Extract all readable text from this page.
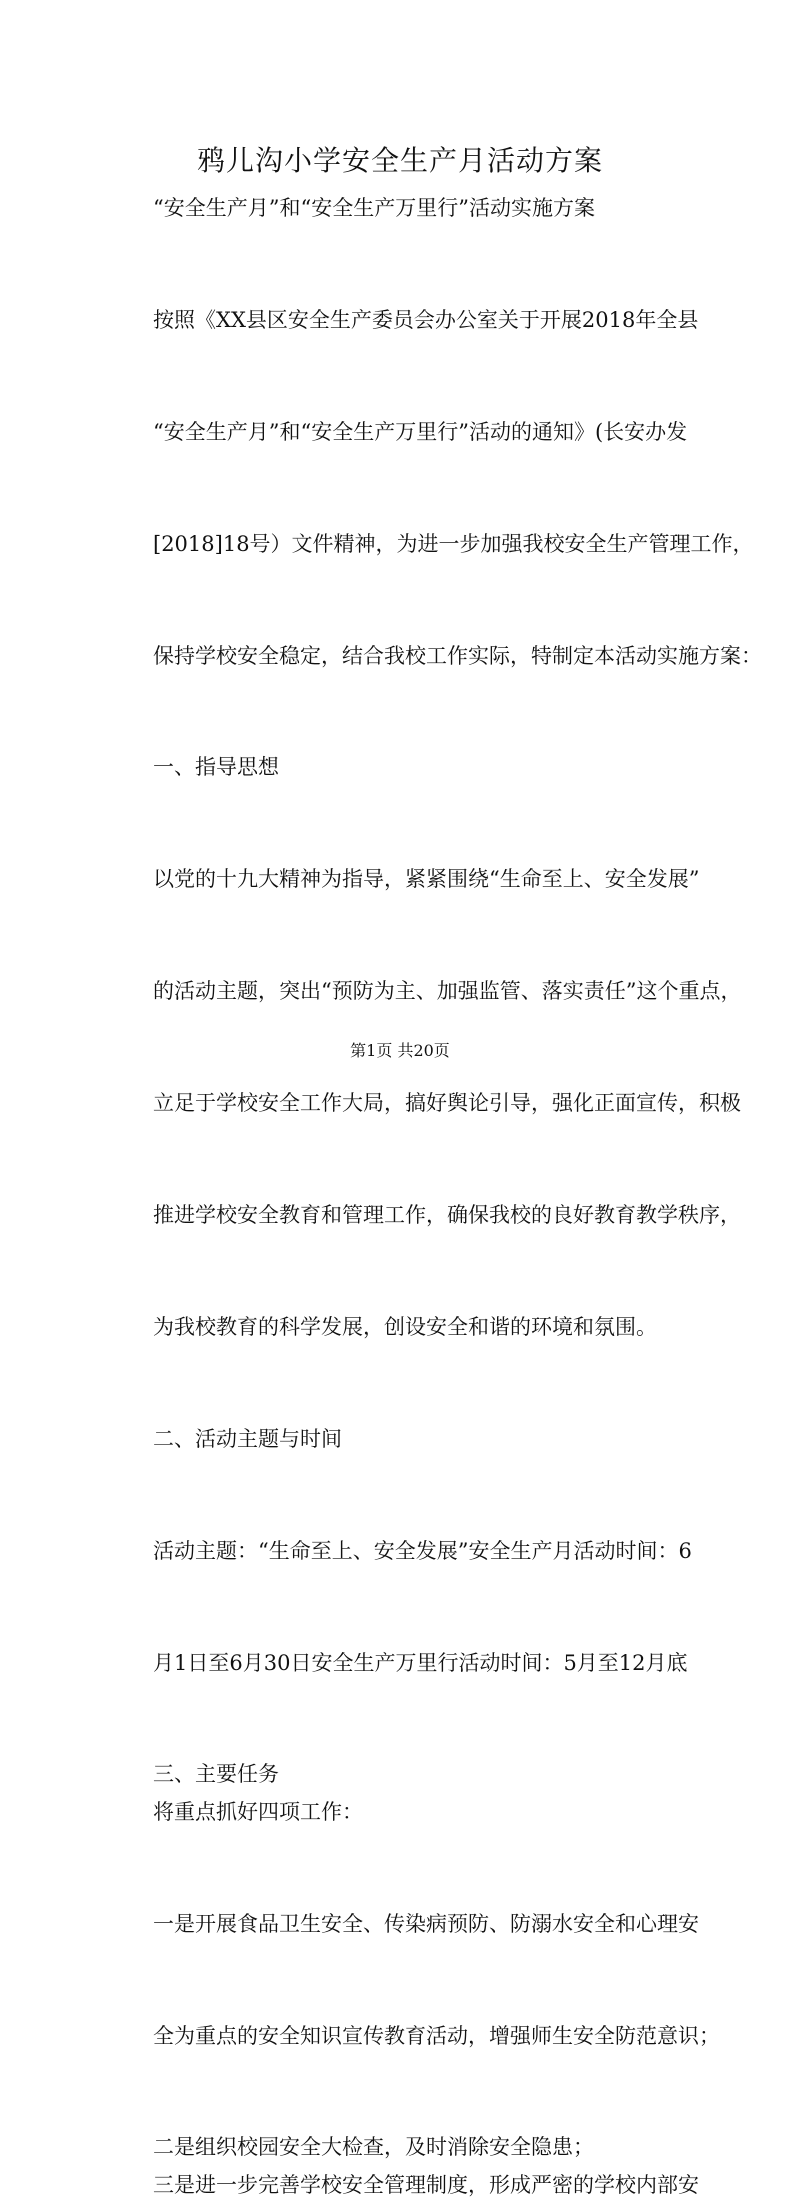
鸦儿沟小学安全生产月活动方案

“安全生产月”和“安全生产万里行”活动实施方案

按照《XX县区安全生产委员会办公室关于开展2018年全县

“安全生产月”和“安全生产万里行”活动的通知》(长安办发

[2018]18号）文件精神，为进一步加强我校安全生产管理工作，

保持学校安全稳定，结合我校工作实际，特制定本活动实施方案：

一、指导思想

以党的十九大精神为指导，紧紧围绕“生命至上、安全发展”

的活动主题，突出“预防为主、加强监管、落实责任”这个重点，

立足于学校安全工作大局，搞好舆论引导，强化正面宣传，积极

推进学校安全教育和管理工作，确保我校的良好教育教学秩序，

为我校教育的科学发展，创设安全和谐的环境和氛围。

二、活动主题与时间

活动主题：“生命至上、安全发展”安全生产月活动时间：6

月1日至6月30日安全生产万里行活动时间：5月至12月底

三、主要任务

将重点抓好四项工作：

一是开展食品卫生安全、传染病预防、防溺水安全和心理安

全为重点的安全知识宣传教育活动，增强师生安全防范意识；

二是组织校园安全大检查，及时消除安全隐患；

三是进一步完善学校安全管理制度，形成严密的学校内部安

第1页 共20页
